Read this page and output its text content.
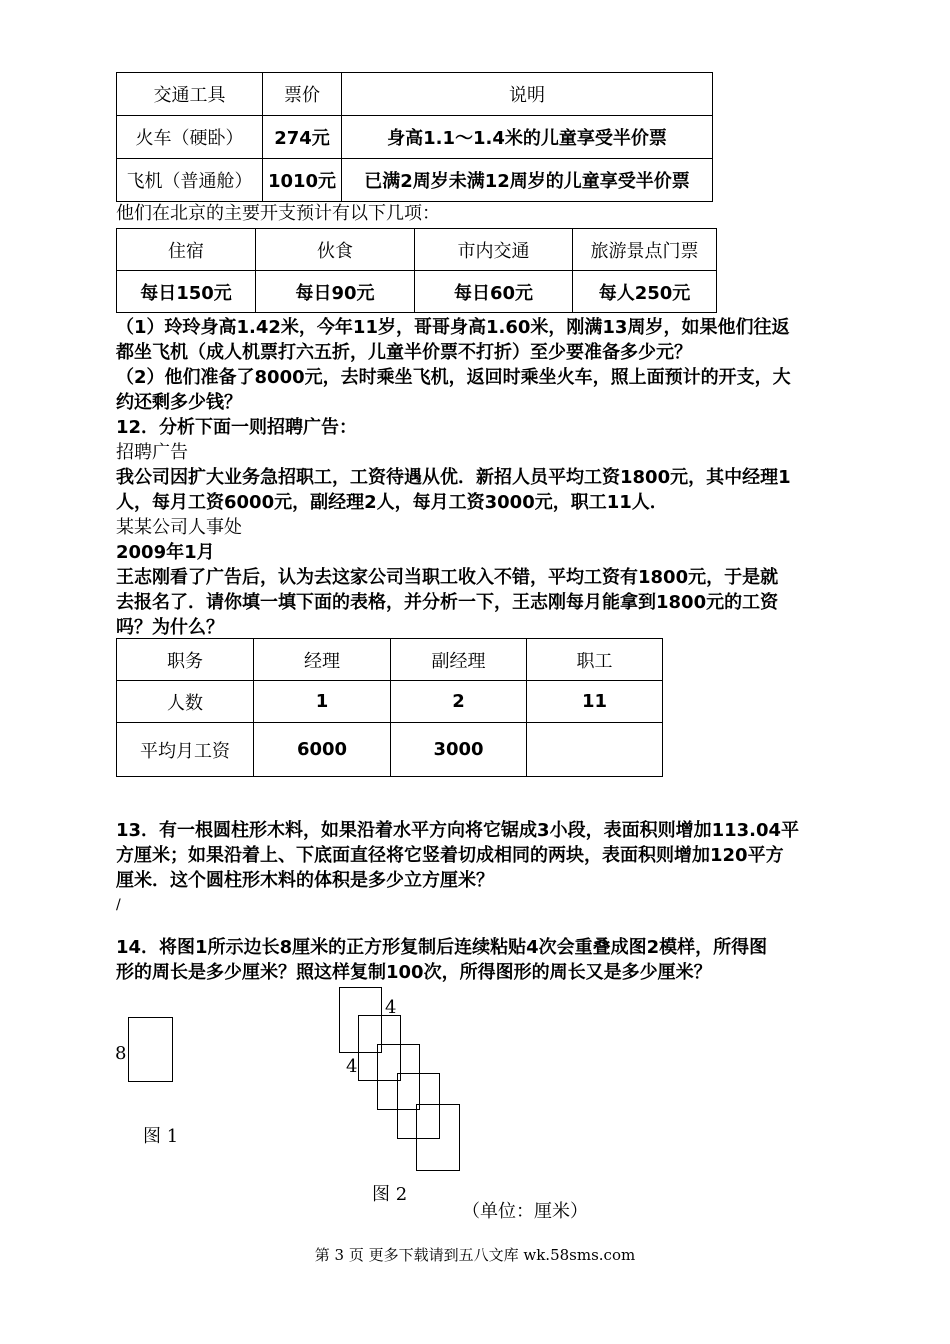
交通工具	票价	说明
火车（硬卧）	274元	身高1.1～1.4米的儿童享受半价票
飞机（普通舱）	1010元	已满2周岁未满12周岁的儿童享受半价票
他们在北京的主要开支预计有以下几项：
住宿	伙食	市内交通	旅游景点门票
每日150元	每日90元	每日60元	每人250元
（1）玲玲身高1.42米，今年11岁，哥哥身高1.60米，刚满13周岁，如果他们往返
都坐飞机（成人机票打六五折，儿童半价票不打折）至少要准备多少元？
（2）他们准备了8000元，去时乘坐飞机，返回时乘坐火车，照上面预计的开支，大
约还剩多少钱？
12．分析下面一则招聘广告：
招聘广告
我公司因扩大业务急招职工，工资待遇从优．新招人员平均工资1800元，其中经理1
人，每月工资6000元，副经理2人，每月工资3000元，职工11人．
某某公司人事处
2009年1月
王志刚看了广告后，认为去这家公司当职工收入不错，平均工资有1800元，于是就
去报名了．请你填一填下面的表格，并分析一下，王志刚每月能拿到1800元的工资
吗？为什么？
职务	经理	副经理	职工
人数	1	2	11
平均月工资	6000	3000	
13．有一根圆柱形木料，如果沿着水平方向将它锯成3小段，表面积则增加113.04平
方厘米；如果沿着上、下底面直径将它竖着切成相同的两块，表面积则增加120平方
厘米．这个圆柱形木料的体积是多少立方厘米？
/
14．将图1所示边长8厘米的正方形复制后连续粘贴4次会重叠成图2模样，所得图
形的周长是多少厘米？照这样复制100次，所得图形的周长又是多少厘米？
8
图 1
4
4
图 2
（单位：厘米）
第 3 页 更多下载请到五八文库 wk.58sms.com
